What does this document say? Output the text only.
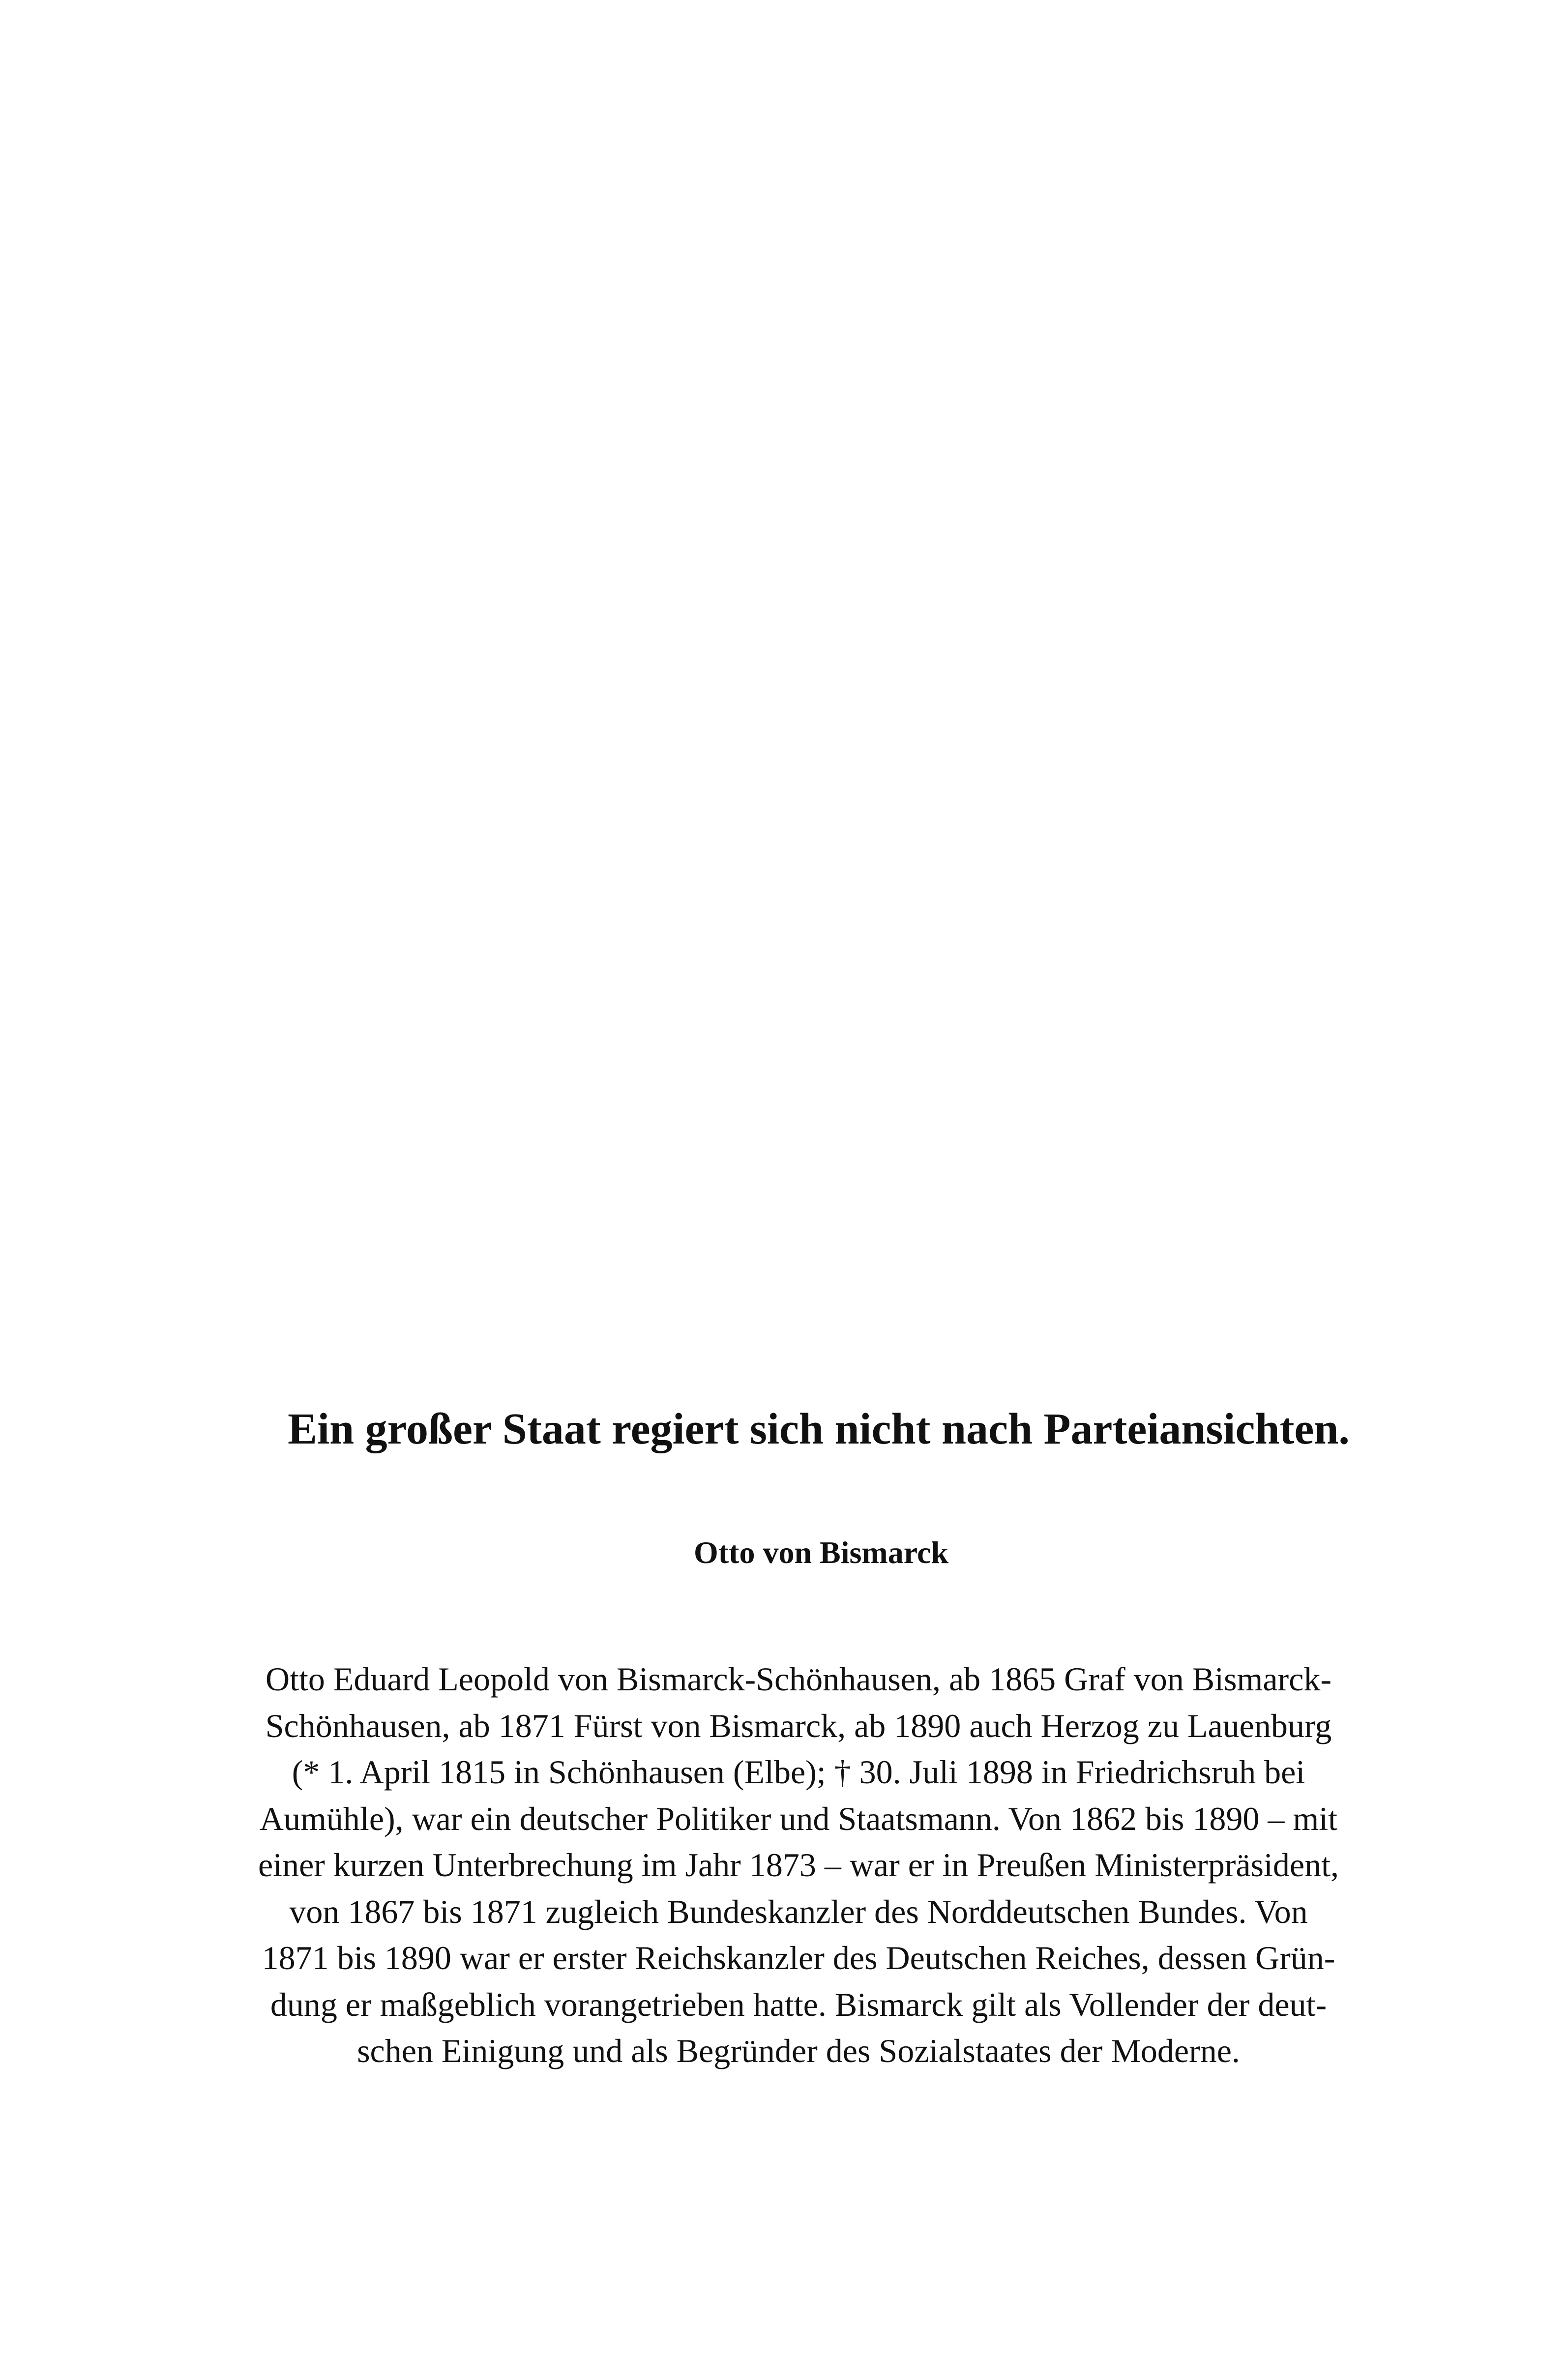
Ein großer Staat regiert sich nicht nach Parteiansichten.
Otto von Bismarck

Otto Eduard Leopold von Bismarck-Schönhausen, ab 1865 Graf von Bismarck-
Schönhausen, ab 1871 Fürst von Bismarck, ab 1890 auch Herzog zu Lauenburg
(* 1. April 1815 in Schönhausen (Elbe); † 30. Juli 1898 in Friedrichsruh bei
Aumühle), war ein deutscher Politiker und Staatsmann. Von 1862 bis 1890 – mit
einer kurzen Unterbrechung im Jahr 1873 – war er in Preußen Ministerpräsident,
von 1867 bis 1871 zugleich Bundeskanzler des Norddeutschen Bundes. Von
1871 bis 1890 war er erster Reichskanzler des Deutschen Reiches, dessen Grün-
dung er maßgeblich vorangetrieben hatte. Bismarck gilt als Vollender der deut-
schen Einigung und als Begründer des Sozialstaates der Moderne.
